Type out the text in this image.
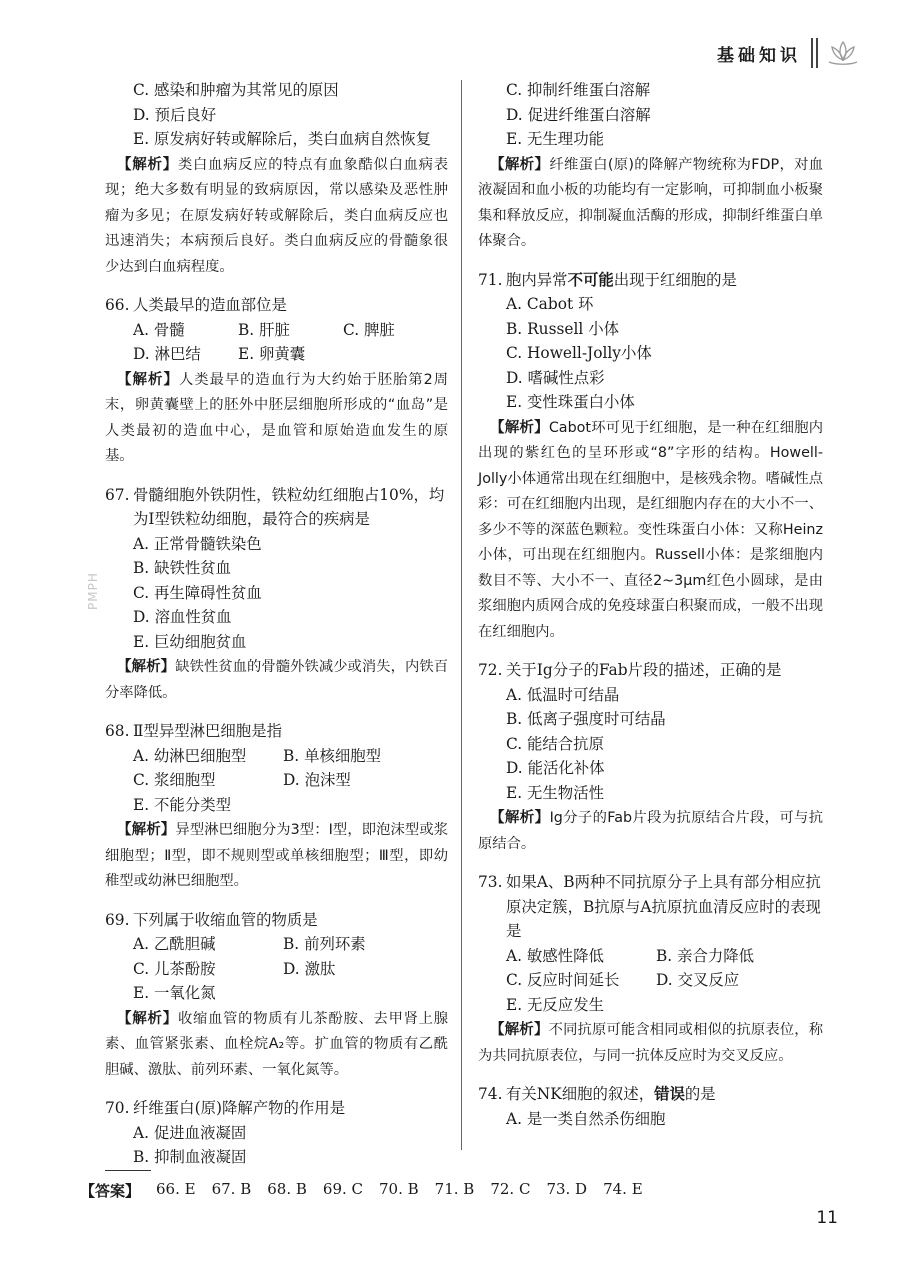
基础知识
PMPH
C. 感染和肿瘤为其常见的原因
D. 预后良好
E. 原发病好转或解除后，类白血病自然恢复
【解析】类白血病反应的特点有血象酷似白血病表现；绝大多数有明显的致病原因，常以感染及恶性肿瘤为多见；在原发病好转或解除后，类白血病反应也迅速消失；本病预后良好。类白血病反应的骨髓象很少达到白血病程度。
66. 人类最早的造血部位是
A. 骨髓	B. 肝脏	C. 脾脏
D. 淋巴结	E. 卵黄囊
【解析】人类最早的造血行为大约始于胚胎第2周末，卵黄囊壁上的胚外中胚层细胞所形成的“血岛”是人类最初的造血中心，是血管和原始造血发生的原基。
67. 骨髓细胞外铁阴性，铁粒幼红细胞占10%，均为Ⅰ型铁粒幼细胞，最符合的疾病是
A. 正常骨髓铁染色
B. 缺铁性贫血
C. 再生障碍性贫血
D. 溶血性贫血
E. 巨幼细胞贫血
【解析】缺铁性贫血的骨髓外铁减少或消失，内铁百分率降低。
68. Ⅱ型异型淋巴细胞是指
A. 幼淋巴细胞型	B. 单核细胞型
C. 浆细胞型	D. 泡沫型
E. 不能分类型
【解析】异型淋巴细胞分为3型：Ⅰ型，即泡沫型或浆细胞型；Ⅱ型，即不规则型或单核细胞型；Ⅲ型，即幼稚型或幼淋巴细胞型。
69. 下列属于收缩血管的物质是
A. 乙酰胆碱	B. 前列环素
C. 儿茶酚胺	D. 激肽
E. 一氧化氮
【解析】收缩血管的物质有儿茶酚胺、去甲肾上腺素、血管紧张素、血栓烷A₂等。扩血管的物质有乙酰胆碱、激肽、前列环素、一氧化氮等。
70. 纤维蛋白(原)降解产物的作用是
A. 促进血液凝固
B. 抑制血液凝固
C. 抑制纤维蛋白溶解
D. 促进纤维蛋白溶解
E. 无生理功能
【解析】纤维蛋白(原)的降解产物统称为FDP，对血液凝固和血小板的功能均有一定影响，可抑制血小板聚集和释放反应，抑制凝血活酶的形成，抑制纤维蛋白单体聚合。
71. 胞内异常不可能出现于红细胞的是
A. Cabot 环
B. Russell 小体
C. Howell-Jolly小体
D. 嗜碱性点彩
E. 变性珠蛋白小体
【解析】Cabot环可见于红细胞，是一种在红细胞内出现的紫红色的呈环形或“8”字形的结构。Howell-Jolly小体通常出现在红细胞中，是核残余物。嗜碱性点彩：可在红细胞内出现，是红细胞内存在的大小不一、多少不等的深蓝色颗粒。变性珠蛋白小体：又称Heinz小体，可出现在红细胞内。Russell小体：是浆细胞内数目不等、大小不一、直径2~3μm红色小圆球，是由浆细胞内质网合成的免疫球蛋白积聚而成，一般不出现在红细胞内。
72. 关于Ig分子的Fab片段的描述，正确的是
A. 低温时可结晶
B. 低离子强度时可结晶
C. 能结合抗原
D. 能活化补体
E. 无生物活性
【解析】Ig分子的Fab片段为抗原结合片段，可与抗原结合。
73. 如果A、B两种不同抗原分子上具有部分相应抗原决定簇，B抗原与A抗原抗血清反应时的表现是
A. 敏感性降低	B. 亲合力降低
C. 反应时间延长	D. 交叉反应
E. 无反应发生
【解析】不同抗原可能含相同或相似的抗原表位，称为共同抗原表位，与同一抗体反应时为交叉反应。
74. 有关NK细胞的叙述，错误的是
A. 是一类自然杀伤细胞
【答案】 66. E 67. B 68. B 69. C 70. B 71. B 72. C 73. D 74. E
11
